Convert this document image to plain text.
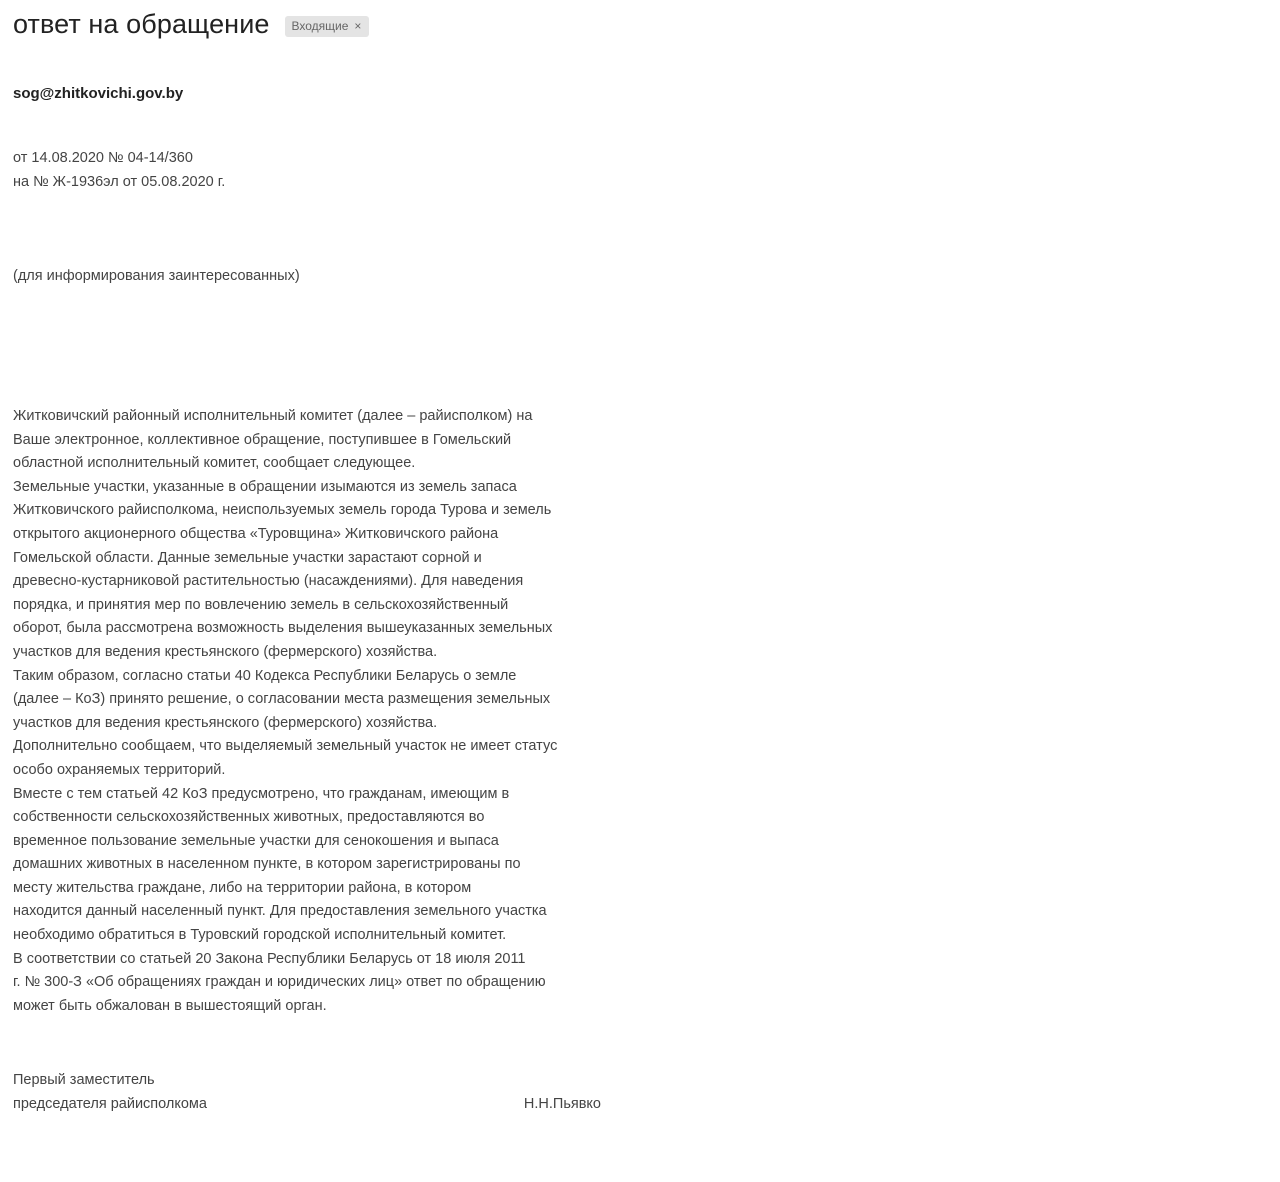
ответ на обращение Входящие ×
sog@zhitkovichi.gov.by
от 14.08.2020 № 04-14/360
на № Ж-1936эл от 05.08.2020 г.
(для информирования заинтересованных)
Житковичский районный исполнительный комитет (далее – райисполком) на
Ваше электронное, коллективное обращение, поступившее в Гомельский
областной исполнительный комитет, сообщает следующее.
Земельные участки, указанные в обращении изымаются из земель запаса
Житковичского райисполкома, неиспользуемых земель города Турова и земель
открытого акционерного общества «Туровщина» Житковичского района
Гомельской области. Данные земельные участки зарастают сорной и
древесно-кустарниковой растительностью (насаждениями). Для наведения
порядка, и принятия мер по вовлечению земель в сельскохозяйственный
оборот, была рассмотрена возможность выделения вышеуказанных земельных
участков для ведения крестьянского (фермерского) хозяйства.
Таким образом, согласно статьи 40 Кодекса Республики Беларусь о земле
(далее – КоЗ) принято решение, о согласовании места размещения земельных
участков для ведения крестьянского (фермерского) хозяйства.
Дополнительно сообщаем, что выделяемый земельный участок не имеет статус
особо охраняемых территорий.
Вместе с тем статьей 42 КоЗ предусмотрено, что гражданам, имеющим в
собственности сельскохозяйственных животных, предоставляются во
временное пользование земельные участки для сенокошения и выпаса
домашних животных в населенном пункте, в котором зарегистрированы по
месту жительства граждане, либо на территории района, в котором
находится данный населенный пункт. Для предоставления земельного участка
необходимо обратиться в Туровский городской исполнительный комитет.
В соответствии со статьей 20 Закона Республики Беларусь от 18 июля 2011
г. № 300-З «Об обращениях граждан и юридических лиц» ответ по обращению
может быть обжалован в вышестоящий орган.
Первый заместитель
председателя райисполкома	Н.Н.Пьявко
